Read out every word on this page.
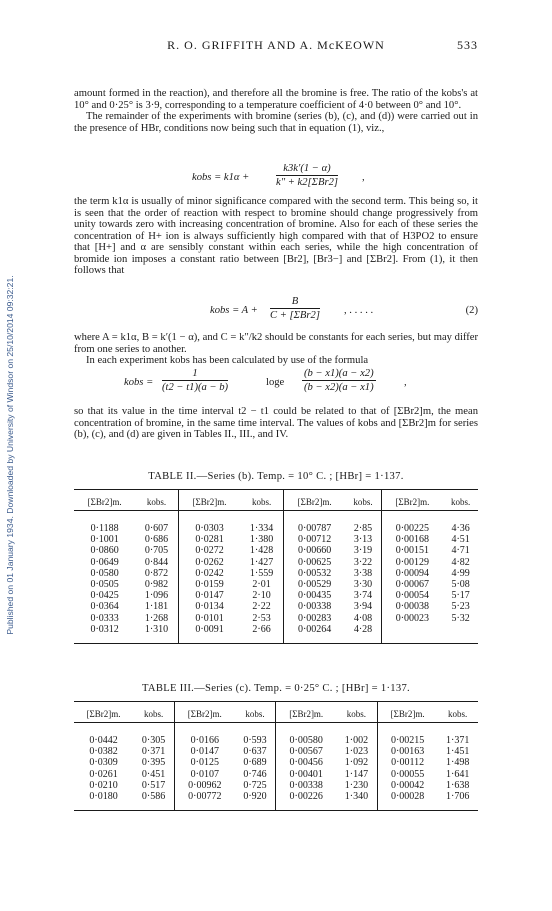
Published on 01 January 1934. Downloaded by University of Windsor on 25/10/2014 09:32:21.
R. O. GRIFFITH AND A. McKEOWN	533

amount formed in the reaction), and therefore all the bromine is free. The ratio of the kobs's at 10° and 0·25° is 3·9, corresponding to a temperature coefficient of 4·0 between 0° and 10°.

The remainder of the experiments with bromine (series (b), (c), and (d)) were carried out in the presence of HBr, conditions now being such that in equation (1), viz.,

kobs = k1α +
k3k′(1 − α)
k″ + k2[ΣBr2] ,

the term k1α is usually of minor significance compared with the second term. This being so, it is seen that the order of reaction with respect to bromine should change progressively from unity towards zero with increasing concentration of bromine. Also for each of these series the concentration of H+ ion is always sufficiently high compared with that of H3PO2 to ensure that [H+] and α are sensibly constant within each series, while the high concentration of bromide ion imposes a constant ratio between [Br2], [Br3−] and [ΣBr2]. From (1), it then follows that

kobs = A +
B
C + [ΣBr2] , . . . . .	(2)

where A = k1α, B = k′(1 − α), and C = k″/k2 should be constants for each series, but may differ from one series to another.

In each experiment kobs has been calculated by use of the formula

kobs = $\frac{1}{(t2 - t1)(a - b)}$	loge $\frac{(b - x1)(a - x2)}{(b - x2)(a - x1)}$	,

so that its value in the time interval t2 − t1 could be related to that of [ΣBr2]m, the mean concentration of bromine, in the same time interval. The values of kobs and [ΣBr2]m for series (b), (c), and (d) are given in Tables II., III., and IV.

TABLE II.—Series (b). Temp. = 10° C. ; [HBr] = 1·137.
[ΣBr2]m.	kobs.	[ΣBr2]m.	kobs.	[ΣBr2]m.	kobs.	[ΣBr2]m.	kobs.
0·1188	0·607	0·0303	1·334	0·00787	2·85	0·00225	4·36
0·1001	0·686	0·0281	1·380	0·00712	3·13	0·00168	4·51
0·0860	0·705	0·0272	1·428	0·00660	3·19	0·00151	4·71
0·0649	0·844	0·0262	1·427	0·00625	3·22	0·00129	4·82
0·0580	0·872	0·0242	1·559	0·00532	3·38	0·00094	4·99
0·0505	0·982	0·0159	2·01	0·00529	3·30	0·00067	5·08
0·0425	1·096	0·0147	2·10	0·00435	3·74	0·00054	5·17
0·0364	1·181	0·0134	2·22	0·00338	3·94	0·00038	5·23
0·0333	1·268	0·0101	2·53	0·00283	4·08	0·00023	5·32
0·0312	1·310	0·0091	2·66	0·00264	4·28		
TABLE III.—Series (c). Temp. = 0·25° C. ; [HBr] = 1·137.
[ΣBr2]m.	kobs.	[ΣBr2]m.	kobs.	[ΣBr2]m.	kobs.	[ΣBr2]m.	kobs.
0·0442	0·305	0·0166	0·593	0·00580	1·002	0·00215	1·371
0·0382	0·371	0·0147	0·637	0·00567	1·023	0·00163	1·451
0·0309	0·395	0·0125	0·689	0·00456	1·092	0·00112	1·498
0·0261	0·451	0·0107	0·746	0·00401	1·147	0·00055	1·641
0·0210	0·517	0·00962	0·725	0·00338	1·230	0·00042	1·638
0·0180	0·586	0·00772	0·920	0·00226	1·340	0·00028	1·706
